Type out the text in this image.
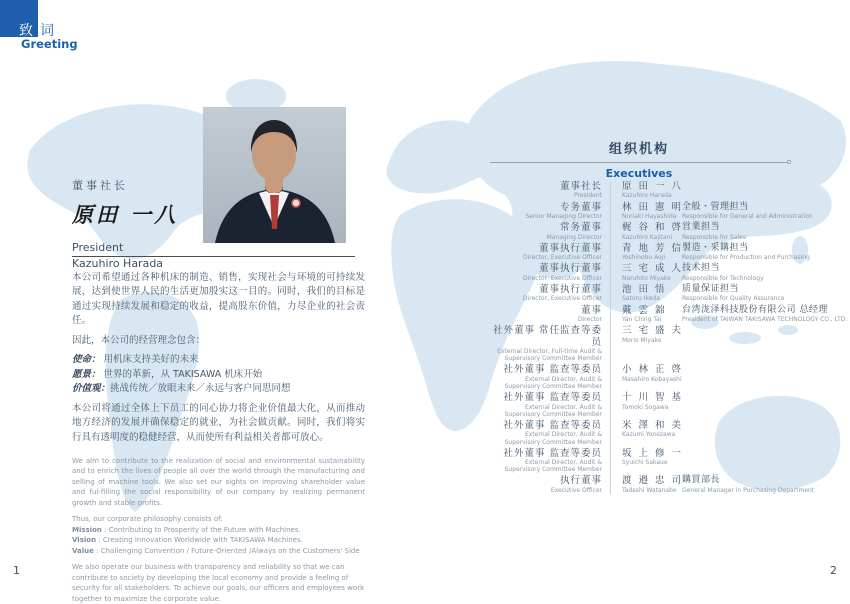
致词
Greeting
董事社长
原田 一八
President
Kazuhiro Harada
本公司希望通过各种机床的制造、销售，实现社会与环境的可持续发展，达到使世界人民的生活更加殷实这一目的。同时，我们的目标是通过实现持续发展和稳定的收益，提高股东价值，力尽企业的社会责任。
因此，本公司的经营理念包含：
使命： 用机床支持美好的未来
愿景： 世界的革新，从 TAKISAWA 机床开始
价值观：挑战传统／放眼未来／永远与客户同思同想
本公司将通过全体上下员工的同心协力将企业价值最大化，从而推动地方经济的发展并确保稳定的就业，为社会做贡献。同时，我们将实行具有透明度的稳健经营，从而使所有利益相关者都可放心。
We aim to contribute to the realization of social and environmental sustainability and to enrich the lives of people all over the world through the manufacturing and selling of machine tools. We also set our sights on improving shareholder value and ful-filling the social responsibility of our company by realizing permanent growth and stable profits.
Thus, our corporate philosophy consists of:
Mission : Contributing to Prosperity of the Future with Machines.
Vision : Creating Innovation Worldwide with TAKISAWA Machines.
Value : Challenging Convention / Future-Oriented /Always on the Customers' Side
We also operate our business with transparency and reliability so that we can contribute to society by developing the local economy and provide a feeling of security for all stakeholders. To achieve our goals, our officers and employees work together to maximize the corporate value.
组织机构
Executives
董事社长
President
原 田 一 八
Kazuhiro Harada
专务董事
Senior Managing Director
林 田 憲 明
Noriaki Hayashida
全般・管理担当
Responsible for General and Administration
常务董事
Managing Director
梶 谷 和 啓
Kazuhiro Kajitani
営業担当
Responsible for Sales
董事执行董事
Director, Executive Officer
青 地 芳 信
Yoshinobu Aoji
製造・采購担当
Responsible for Production and Purchasing
董事执行董事
Director, Executive Officer
三 宅 成 人
Naruhito Miyake
技术担当
Responsible for Technology
董事执行董事
Director, Executive Officer
池 田 悟
Satoru Ikeda
质量保证担当
Responsible for Quality Assurance
董事
Director
戴 雲 錦
Yan Ching Tai
台湾泷泽科技股份有限公司 总经理
President of TAIWAN TAKISAWA TECHNOLOGY CO., LTD.
社外董事 常任监查等委员
External Director, Full-time Audit & Supervisory Committee Member
三 宅 盛 夫
Morio Miyake
社外董事 监查等委员
External Director, Audit & Supervisory Committee Member
小 林 正 啓
Masahiro Kobayashi
社外董事 监查等委员
External Director, Audit & Supervisory Committee Member
十 川 智 基
Tomoki Sogawa
社外董事 监查等委员
External Director, Audit & Supervisory Committee Member
米 澤 和 美
Kazumi Yonezawa
社外董事 监查等委员
External Director, Audit & Supervisory Committee Member
坂 上 修 一
Syuichi Sakaue
执行董事
Executive Officer
渡 邉 忠 司
Tadashi Watanabe
購買部長
General Manager in Purchasing Department
1	2
